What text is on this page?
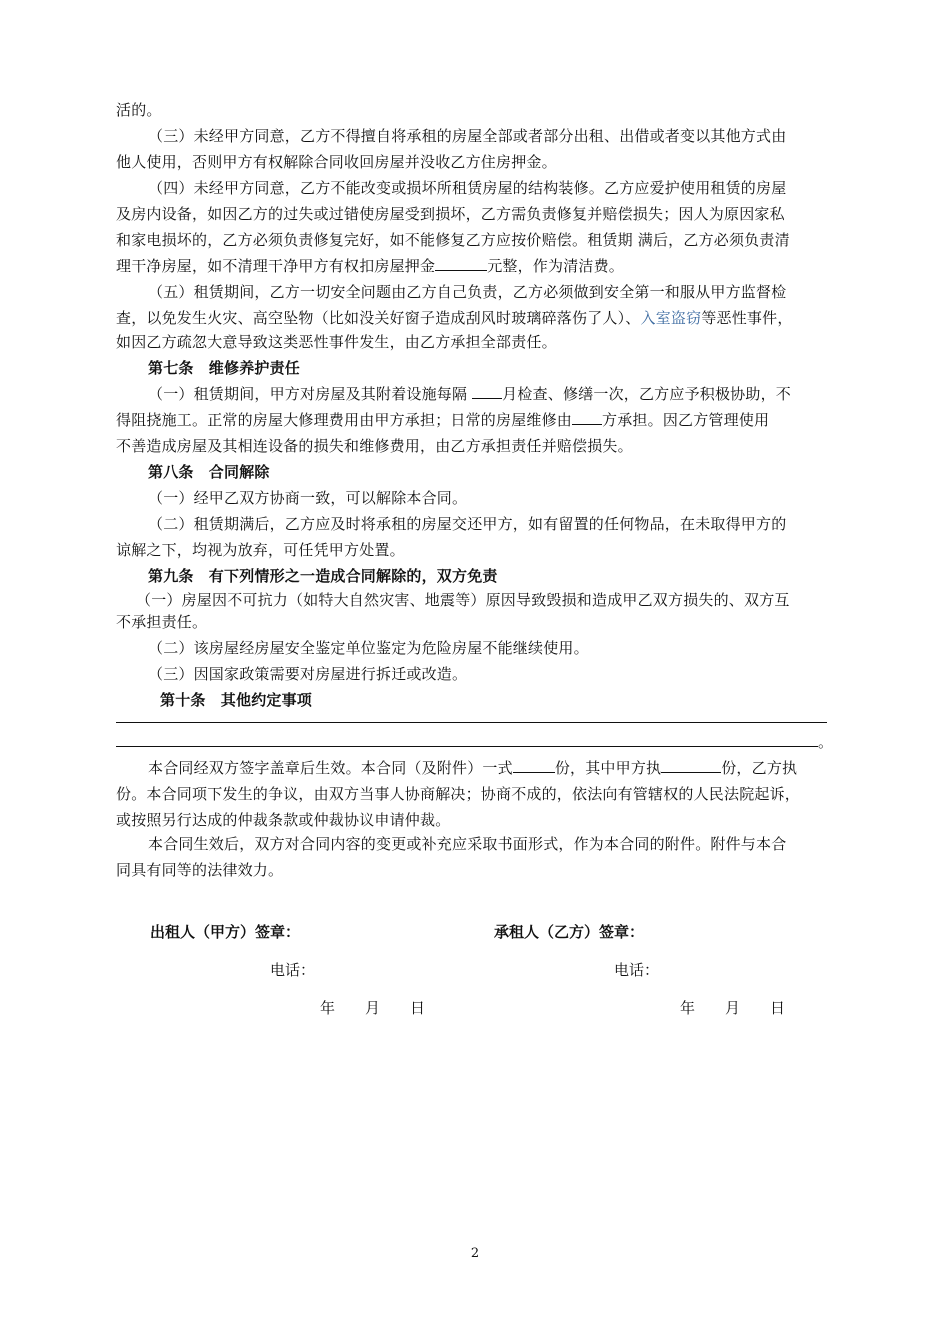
活的。
（三）未经甲方同意，乙方不得擅自将承租的房屋全部或者部分出租、出借或者变以其他方式由
他人使用，否则甲方有权解除合同收回房屋并没收乙方住房押金。
（四）未经甲方同意，乙方不能改变或损坏所租赁房屋的结构装修。乙方应爱护使用租赁的房屋
及房内设备，如因乙方的过失或过错使房屋受到损坏，乙方需负责修复并赔偿损失；因人为原因家私
和家电损坏的，乙方必须负责修复完好，如不能修复乙方应按价赔偿。租赁期 满后，乙方必须负责清
理干净房屋，如不清理干净甲方有权扣房屋押金	元整，作为清洁费。
（五）租赁期间，乙方一切安全问题由乙方自己负责，乙方必须做到安全第一和服从甲方监督检
查，以免发生火灾、高空坠物（比如没关好窗子造成刮风时玻璃碎落伤了人）、入室盗窃等恶性事件，
如因乙方疏忽大意导致这类恶性事件发生，由乙方承担全部责任。
第七条　维修养护责任
（一）租赁期间，甲方对房屋及其附着设施每隔 月检查、修缮一次，乙方应予积极协助，不
得阻挠施工。正常的房屋大修理费用由甲方承担；日常的房屋维修由 方承担。因乙方管理使用
不善造成房屋及其相连设备的损失和维修费用，由乙方承担责任并赔偿损失。
第八条　合同解除
（一）经甲乙双方协商一致，可以解除本合同。
（二）租赁期满后，乙方应及时将承租的房屋交还甲方，如有留置的任何物品，在未取得甲方的
谅解之下，均视为放弃，可任凭甲方处置。
第九条　有下列情形之一造成合同解除的，双方免责
（一）房屋因不可抗力（如特大自然灾害、地震等）原因导致毁损和造成甲乙双方损失的、双方互
不承担责任。
（二）该房屋经房屋安全鉴定单位鉴定为危险房屋不能继续使用。
（三）因国家政策需要对房屋进行拆迁或改造。
第十条　其他约定事项
。
本合同经双方签字盖章后生效。本合同（及附件）一式	份，其中甲方执	份，乙方执
份。本合同项下发生的争议，由双方当事人协商解决；协商不成的，依法向有管辖权的人民法院起诉，
或按照另行达成的仲裁条款或仲裁协议申请仲裁。
本合同生效后，双方对合同内容的变更或补充应采取书面形式，作为本合同的附件。附件与本合
同具有同等的法律效力。
出租人（甲方）签章：	承租人（乙方）签章：
电话：	电话：
年　　月　　日	年　　月　　日
2
